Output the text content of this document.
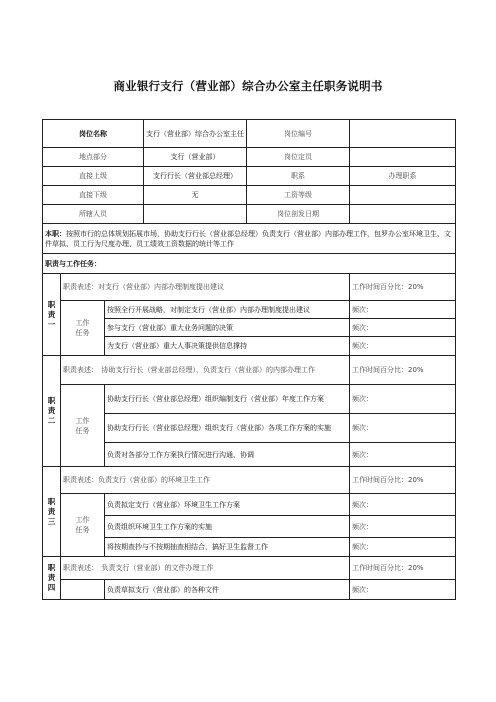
商业银行支行（营业部）综合办公室主任职务说明书
岗位名称			支行（营业部）综合办公室主任	岗位编号	
地点部分			支行（营业部）	岗位定员	
直接上级			支行行长（营业部总经理）	职系	办理职系
直接下级			无	工资等级	
所辖人员				岗位剖发日期	
本职：按照市行的总体规划拓展市场，协助支行行长（营业部总经理）负责支行（营业部）内部办理工作，包罗办公室环境卫生、文件草拟、员工行为尺度办理、员工绩效工资数据的统计等工作					
职责与工作任务：					

职
责
一	职责表述：对支行（营业部）内部办理制度提出建议				工作时间百分比：20%

	工作
任务	按照全行开展战略，对制定支行（营业部）内部办理制度提出建议			频次：
		参与支行（营业部）重大业务问题的决策			频次：
		为支行（营业部）重大人事决策提供信息撑持			频次：

职
责
二	职责表述：　协助支行行长（营业部总经理），负责支行（营业部）的内部办理工作				工作时间百分比：20%

	工作
任务	协助支行行长（营业部总经理）组织编制支行（营业部）年度工作方案			频次：
		协助支行行长（营业部总经理）组织支行（营业部）各项工作方案的实施			频次：
		负责对各部分工作方案执行情况进行沟通、协调			频次：

职
责
三	职责表述：负责支行（营业部）的环境卫生工作				工作时间百分比：20%

	工作
任务	负责拟定支行（营业部）环境卫生工作方案			频次：
		负责组织环境卫生工作方案的实施			频次：
		将按期查抄与不按期抽查相结合，搞好卫生监督工作			频次：

职
责
四	职责表述：　负责支行（营业部）的文件办理工作				工作时间百分比：20%
		负责草拟支行（营业部）的各种文件			频次：
